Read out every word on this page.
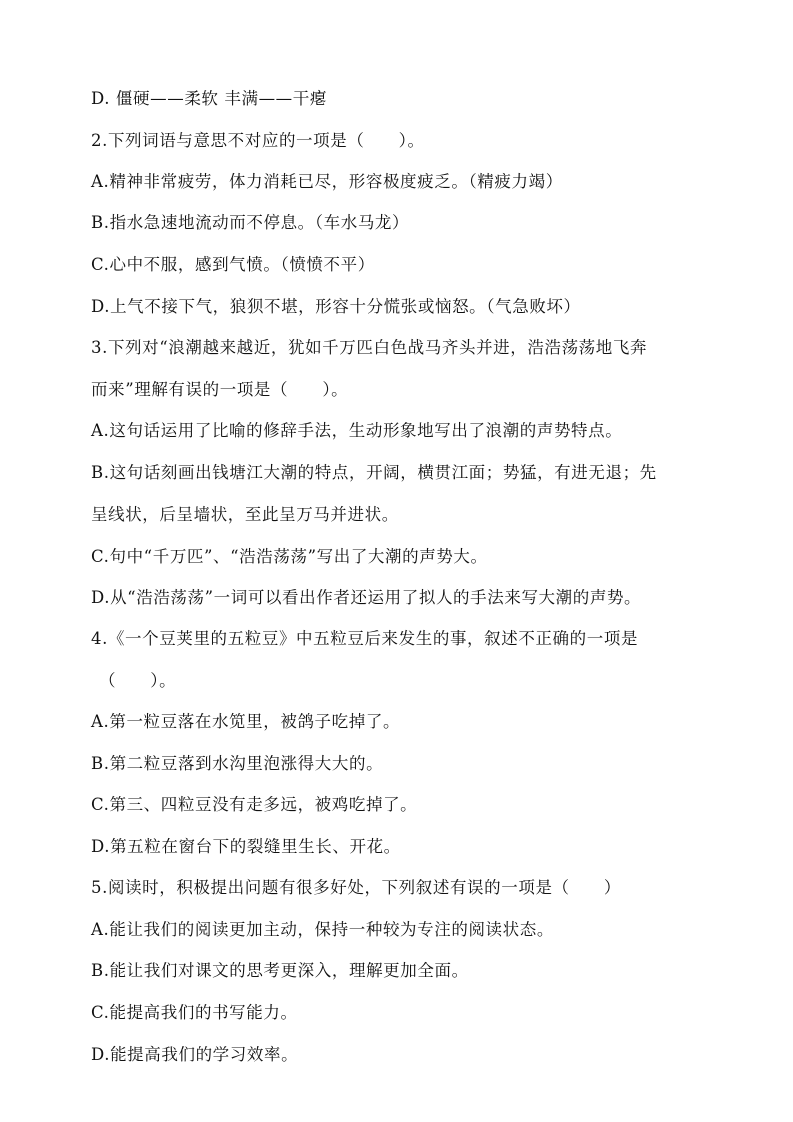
D. 僵硬——柔软 丰满——干瘪
2.下列词语与意思不对应的一项是（　　）。
A.精神非常疲劳，体力消耗已尽，形容极度疲乏。（精疲力竭）
B.指水急速地流动而不停息。（车水马龙）
C.心中不服，感到气愤。（愤愤不平）
D.上气不接下气，狼狈不堪，形容十分慌张或恼怒。（气急败坏）
3.下列对“浪潮越来越近，犹如千万匹白色战马齐头并进，浩浩荡荡地飞奔
而来”理解有误的一项是（　　）。
A.这句话运用了比喻的修辞手法，生动形象地写出了浪潮的声势特点。
B.这句话刻画出钱塘江大潮的特点，开阔，横贯江面；势猛，有进无退；先
呈线状，后呈墙状，至此呈万马并进状。
C.句中“千万匹”、“浩浩荡荡”写出了大潮的声势大。
D.从“浩浩荡荡”一词可以看出作者还运用了拟人的手法来写大潮的声势。
4.《一个豆荚里的五粒豆》中五粒豆后来发生的事，叙述不正确的一项是
（　　）。
A.第一粒豆落在水笕里，被鸽子吃掉了。
B.第二粒豆落到水沟里泡涨得大大的。
C.第三、四粒豆没有走多远，被鸡吃掉了。
D.第五粒在窗台下的裂缝里生长、开花。
5.阅读时，积极提出问题有很多好处，下列叙述有误的一项是（　　）
A.能让我们的阅读更加主动，保持一种较为专注的阅读状态。
B.能让我们对课文的思考更深入，理解更加全面。
C.能提高我们的书写能力。
D.能提高我们的学习效率。
